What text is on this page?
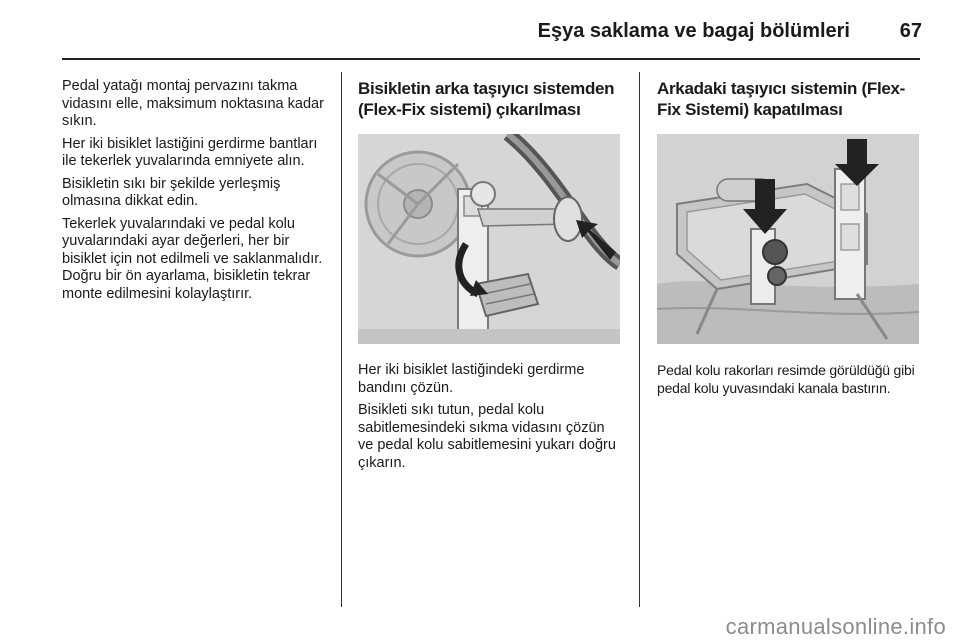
Eşya saklama ve bagaj bölümleri 67

Pedal yatağı montaj pervazını takma vidasını elle, maksimum noktasına kadar sıkın.

Her iki bisiklet lastiğini gerdirme bantları ile tekerlek yuvalarında emniyete alın.

Bisikletin sıkı bir şekilde yerleşmiş olmasına dikkat edin.

Tekerlek yuvalarındaki ve pedal kolu yuvalarındaki ayar değerleri, her bir bisiklet için not edilmeli ve saklanmalıdır. Doğru bir ön ayarlama, bisikletin tekrar monte edilmesini kolaylaştırır.

Bisikletin arka taşıyıcı sistemden (Flex-Fix sistemi) çıkarılması

Her iki bisiklet lastiğindeki gerdirme bandını çözün.

Bisikleti sıkı tutun, pedal kolu sabitlemesindeki sıkma vidasını çözün ve pedal kolu sabitlemesini yukarı doğru çıkarın.

Arkadaki taşıyıcı sistemin (Flex-Fix Sistemi) kapatılması

Pedal kolu rakorları resimde görüldüğü gibi pedal kolu yuvasındaki kanala bastırın.

carmanualsonline.info
